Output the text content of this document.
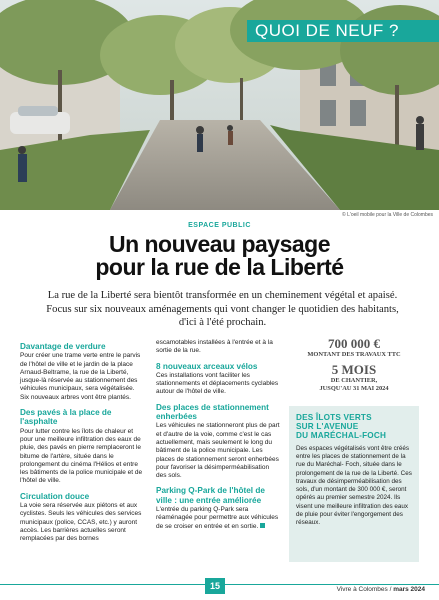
QUOI DE NEUF ?
© L'oeil mobile pour la Ville de Colombes
ESPACE PUBLIC
Un nouveau paysage
pour la rue de la Liberté
La rue de la Liberté sera bientôt transformée en un cheminement végétal et apaisé. Focus sur six nouveaux aménagements qui vont changer le quotidien des habitants, d'ici à l'été prochain.
Davantage de verdure

Pour créer une trame verte entre le parvis de l'hôtel de ville et le jardin de la place Arnaud-Beltrame, la rue de la Liberté, jusque-là réservée au stationnement des véhicules municipaux, sera végétalisée. Six nouveaux arbres vont être plantés.

Des pavés à la place de l'asphalte

Pour lutter contre les îlots de chaleur et pour une meilleure infiltration des eaux de pluie, des pavés en pierre remplaceront le bitume de l'artère, située dans le prolongement du cinéma l'Hélios et entre les bâtiments de la police municipale et de l'hôtel de ville.

Circulation douce

La voie sera réservée aux piétons et aux cyclistes. Seuls les véhicules des services municipaux (police, CCAS, etc.) y auront accès. Les barrières actuelles seront remplacées par des bornes

escamotables installées à l'entrée et à la sortie de la rue.

8 nouveaux arceaux vélos

Ces installations vont faciliter les stationnements et déplacements cyclables autour de l'hôtel de ville.

Des places de stationnement enherbées

Les véhicules ne stationneront plus de part et d'autre de la voie, comme c'est le cas actuellement, mais seulement le long du bâtiment de la police municipale. Les places de stationnement seront enherbées pour favoriser la désimperméabilisation des sols.

Parking Q-Park de l'hôtel de ville : une entrée améliorée

L'entrée du parking Q-Park sera réaménagée pour permettre aux véhicules de se croiser en entrée et en sortie.

700 000 €
MONTANT DES TRAVAUX TTC
5 MOIS
DE CHANTIER,
JUSQU'AU 31 MAI 2024
DES ÎLOTS VERTS
SUR L'AVENUE
DU MARÉCHAL-FOCH
Des espaces végétalisés vont être créés entre les places de stationnement de la rue du Maréchal- Foch, située dans le prolongement de la rue de la Liberté. Ces travaux de désimperméabilisation des sols, d'un montant de 300 000 €, seront opérés au premier semestre 2024. Ils visent une meilleure infiltration des eaux de pluie pour éviter l'engorgement des réseaux.
15	Vivre à Colombes / mars 2024
